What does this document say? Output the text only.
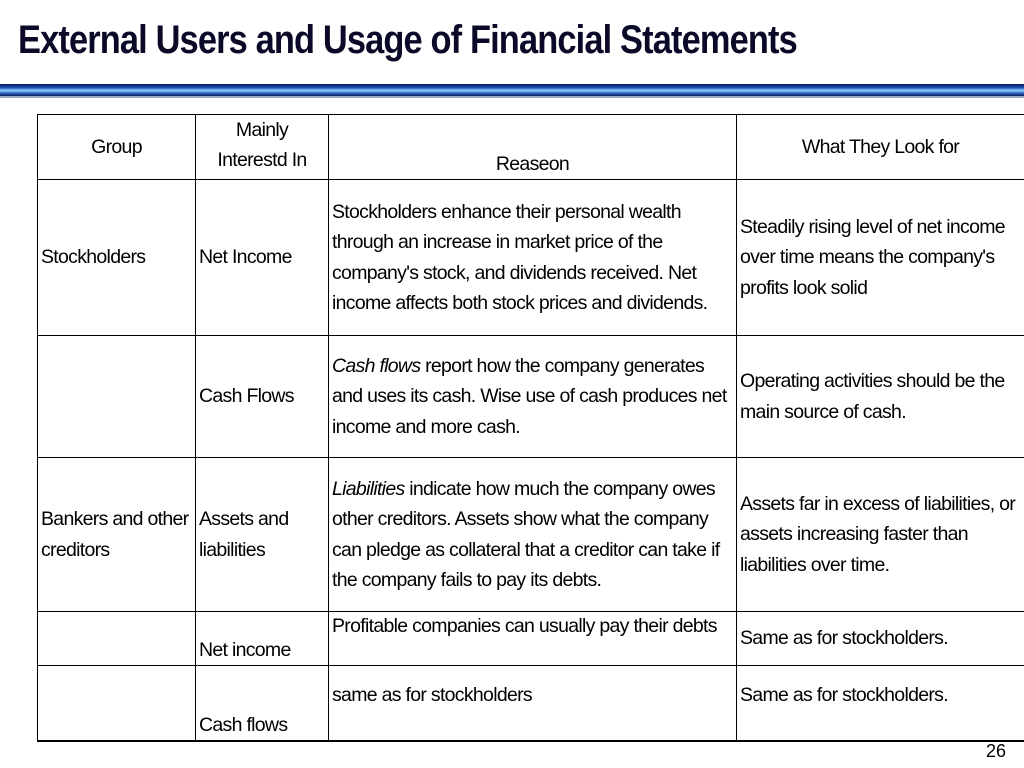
External Users and Usage of Financial Statements
Group	Mainly Interestd In	Reaseon	What They Look for
Stockholders	Net Income	Stockholders enhance their personal wealth through an increase in market price of the company's stock, and dividends received. Net income affects both stock prices and dividends.	Steadily rising level of net income over time means the company's profits look solid
	Cash Flows	Cash flows report how the company generates and uses its cash. Wise use of cash produces net income and more cash.	Operating activities should be the main source of cash.
Bankers and other creditors	Assets and liabilities	Liabilities indicate how much the company owes other creditors. Assets show what the company can pledge as collateral that a creditor can take if the company fails to pay its debts.	Assets far in excess of liabilities, or assets increasing faster than liabilities over time.
	Net income	Profitable companies can usually pay their debts	Same as for stockholders.
	Cash flows	same as for stockholders	Same as for stockholders.
26
